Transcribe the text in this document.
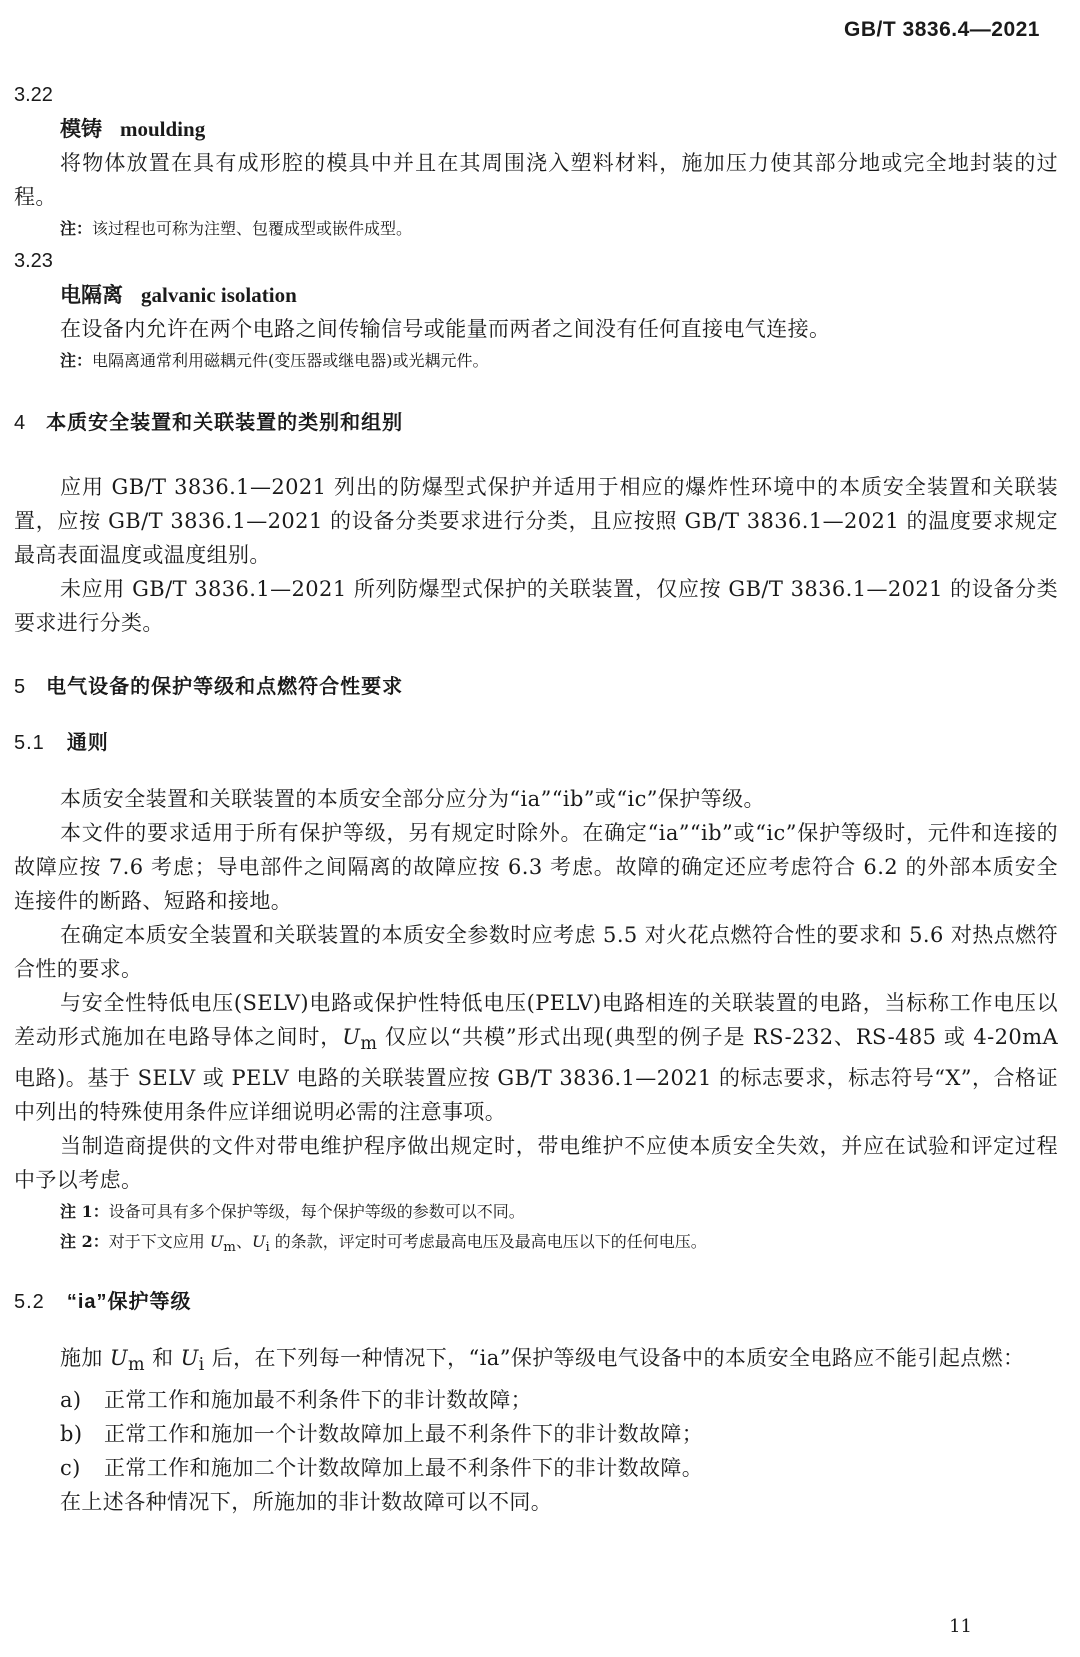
GB/T 3836.4—2021
3.22
模铸 moulding
将物体放置在具有成形腔的模具中并且在其周围浇入塑料材料，施加压力使其部分地或完全地封装的过程。
注：该过程也可称为注塑、包覆成型或嵌件成型。
3.23
电隔离 galvanic isolation
在设备内允许在两个电路之间传输信号或能量而两者之间没有任何直接电气连接。
注：电隔离通常利用磁耦元件(变压器或继电器)或光耦元件。
4 本质安全装置和关联装置的类别和组别
应用 GB/T 3836.1—2021 列出的防爆型式保护并适用于相应的爆炸性环境中的本质安全装置和关联装置，应按 GB/T 3836.1—2021 的设备分类要求进行分类，且应按照 GB/T 3836.1—2021 的温度要求规定最高表面温度或温度组别。
未应用 GB/T 3836.1—2021 所列防爆型式保护的关联装置，仅应按 GB/T 3836.1—2021 的设备分类要求进行分类。
5 电气设备的保护等级和点燃符合性要求
5.1 通则
本质安全装置和关联装置的本质安全部分应分为“ia”“ib”或“ic”保护等级。
本文件的要求适用于所有保护等级，另有规定时除外。在确定“ia”“ib”或“ic”保护等级时，元件和连接的故障应按 7.6 考虑；导电部件之间隔离的故障应按 6.3 考虑。故障的确定还应考虑符合 6.2 的外部本质安全连接件的断路、短路和接地。
在确定本质安全装置和关联装置的本质安全参数时应考虑 5.5 对火花点燃符合性的要求和 5.6 对热点燃符合性的要求。
与安全性特低电压(SELV)电路或保护性特低电压(PELV)电路相连的关联装置的电路，当标称工作电压以差动形式施加在电路导体之间时，$U_m$ 仅应以“共模”形式出现(典型的例子是 RS-232、RS-485 或 4-20mA 电路)。基于 SELV 或 PELV 电路的关联装置应按 GB/T 3836.1—2021 的标志要求，标志符号“X”，合格证中列出的特殊使用条件应详细说明必需的注意事项。
当制造商提供的文件对带电维护程序做出规定时，带电维护不应使本质安全失效，并应在试验和评定过程中予以考虑。
注 1：设备可具有多个保护等级，每个保护等级的参数可以不同。
注 2：对于下文应用 $U_m$、$U_i$ 的条款，评定时可考虑最高电压及最高电压以下的任何电压。
5.2 “ia”保护等级
施加 $U_m$ 和 $U_i$ 后，在下列每一种情况下，“ia”保护等级电气设备中的本质安全电路应不能引起点燃：
a) 正常工作和施加最不利条件下的非计数故障；
b) 正常工作和施加一个计数故障加上最不利条件下的非计数故障；
c) 正常工作和施加二个计数故障加上最不利条件下的非计数故障。
在上述各种情况下，所施加的非计数故障可以不同。
11
